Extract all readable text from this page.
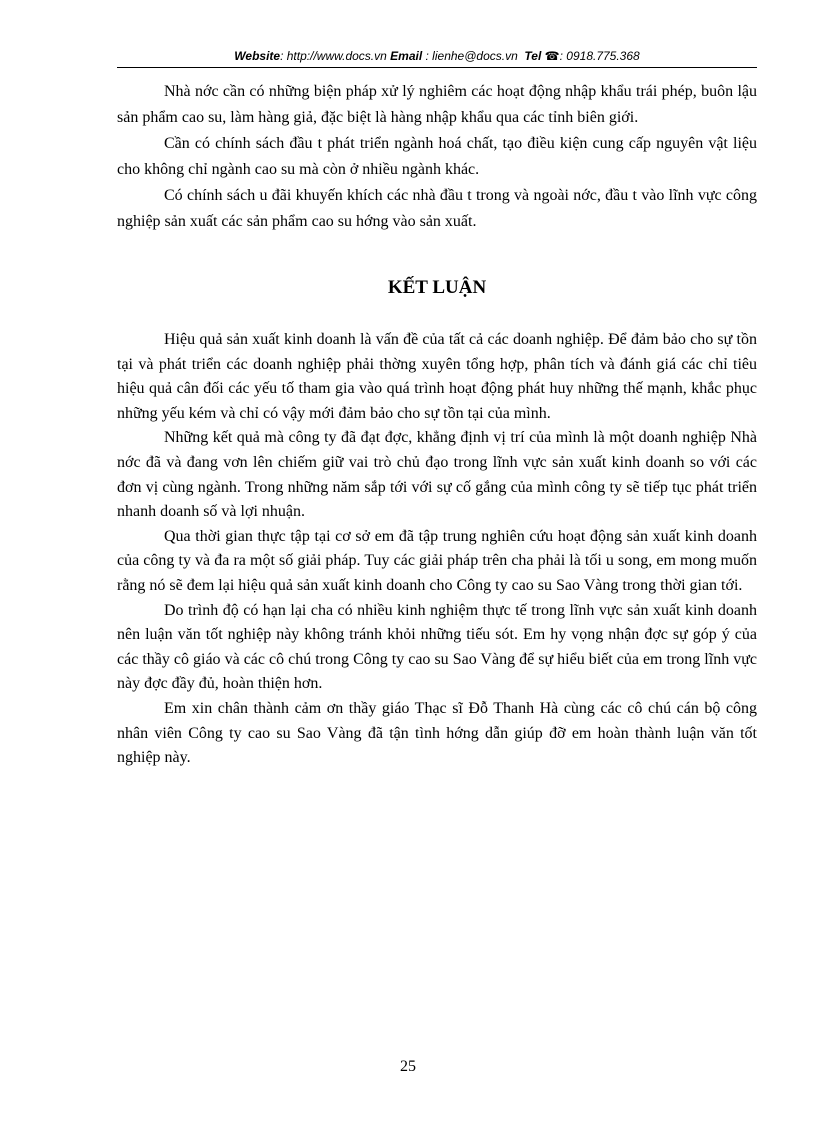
Website: http://www.docs.vn Email : lienhe@docs.vn Tel ☎: 0918.775.368

Nhà nớc cần có những biện pháp xử lý nghiêm các hoạt động nhập khẩu trái phép, buôn lậu sản phẩm cao su, làm hàng giả, đặc biệt là hàng nhập khẩu qua các tỉnh biên giới.

Cần có chính sách đầu t phát triển ngành hoá chất, tạo điều kiện cung cấp nguyên vật liệu cho không chỉ ngành cao su mà còn ở nhiều ngành khác.

Có chính sách u đãi khuyến khích các nhà đầu t trong và ngoài nớc, đầu t vào lĩnh vực công nghiệp sản xuất các sản phẩm cao su hớng vào sản xuất.

KẾT LUẬN

Hiệu quả sản xuất kinh doanh là vấn đề của tất cả các doanh nghiệp. Để đảm bảo cho sự tồn tại và phát triển các doanh nghiệp phải thờng xuyên tổng hợp, phân tích và đánh giá các chỉ tiêu hiệu quả cân đối các yếu tố tham gia vào quá trình hoạt động phát huy những thế mạnh, khắc phục những yếu kém và chỉ có vậy mới đảm bảo cho sự tồn tại của mình.

Những kết quả mà công ty đã đạt đợc, khẳng định vị trí của mình là một doanh nghiệp Nhà nớc đã và đang vơn lên chiếm giữ vai trò chủ đạo trong lĩnh vực sản xuất kinh doanh so với các đơn vị cùng ngành. Trong những năm sắp tới với sự cố gắng của mình công ty sẽ tiếp tục phát triển nhanh doanh số và lợi nhuận.

Qua thời gian thực tập tại cơ sở em đã tập trung nghiên cứu hoạt động sản xuất kinh doanh của công ty và đa ra một số giải pháp. Tuy các giải pháp trên cha phải là tối u song, em mong muốn rằng nó sẽ đem lại hiệu quả sản xuất kinh doanh cho Công ty cao su Sao Vàng trong thời gian tới.

Do trình độ có hạn lại cha có nhiều kinh nghiệm thực tế trong lĩnh vực sản xuất kinh doanh nên luận văn tốt nghiệp này không tránh khỏi những tiếu sót. Em hy vọng nhận đợc sự góp ý của các thầy cô giáo và các cô chú trong Công ty cao su Sao Vàng để sự hiểu biết của em trong lĩnh vực này đợc đầy đủ, hoàn thiện hơn.

Em xin chân thành cảm ơn thầy giáo Thạc sĩ Đỗ Thanh Hà cùng các cô chú cán bộ công nhân viên Công ty cao su Sao Vàng đã tận tình hớng dẫn giúp đỡ em hoàn thành luận văn tốt nghiệp này.

25
